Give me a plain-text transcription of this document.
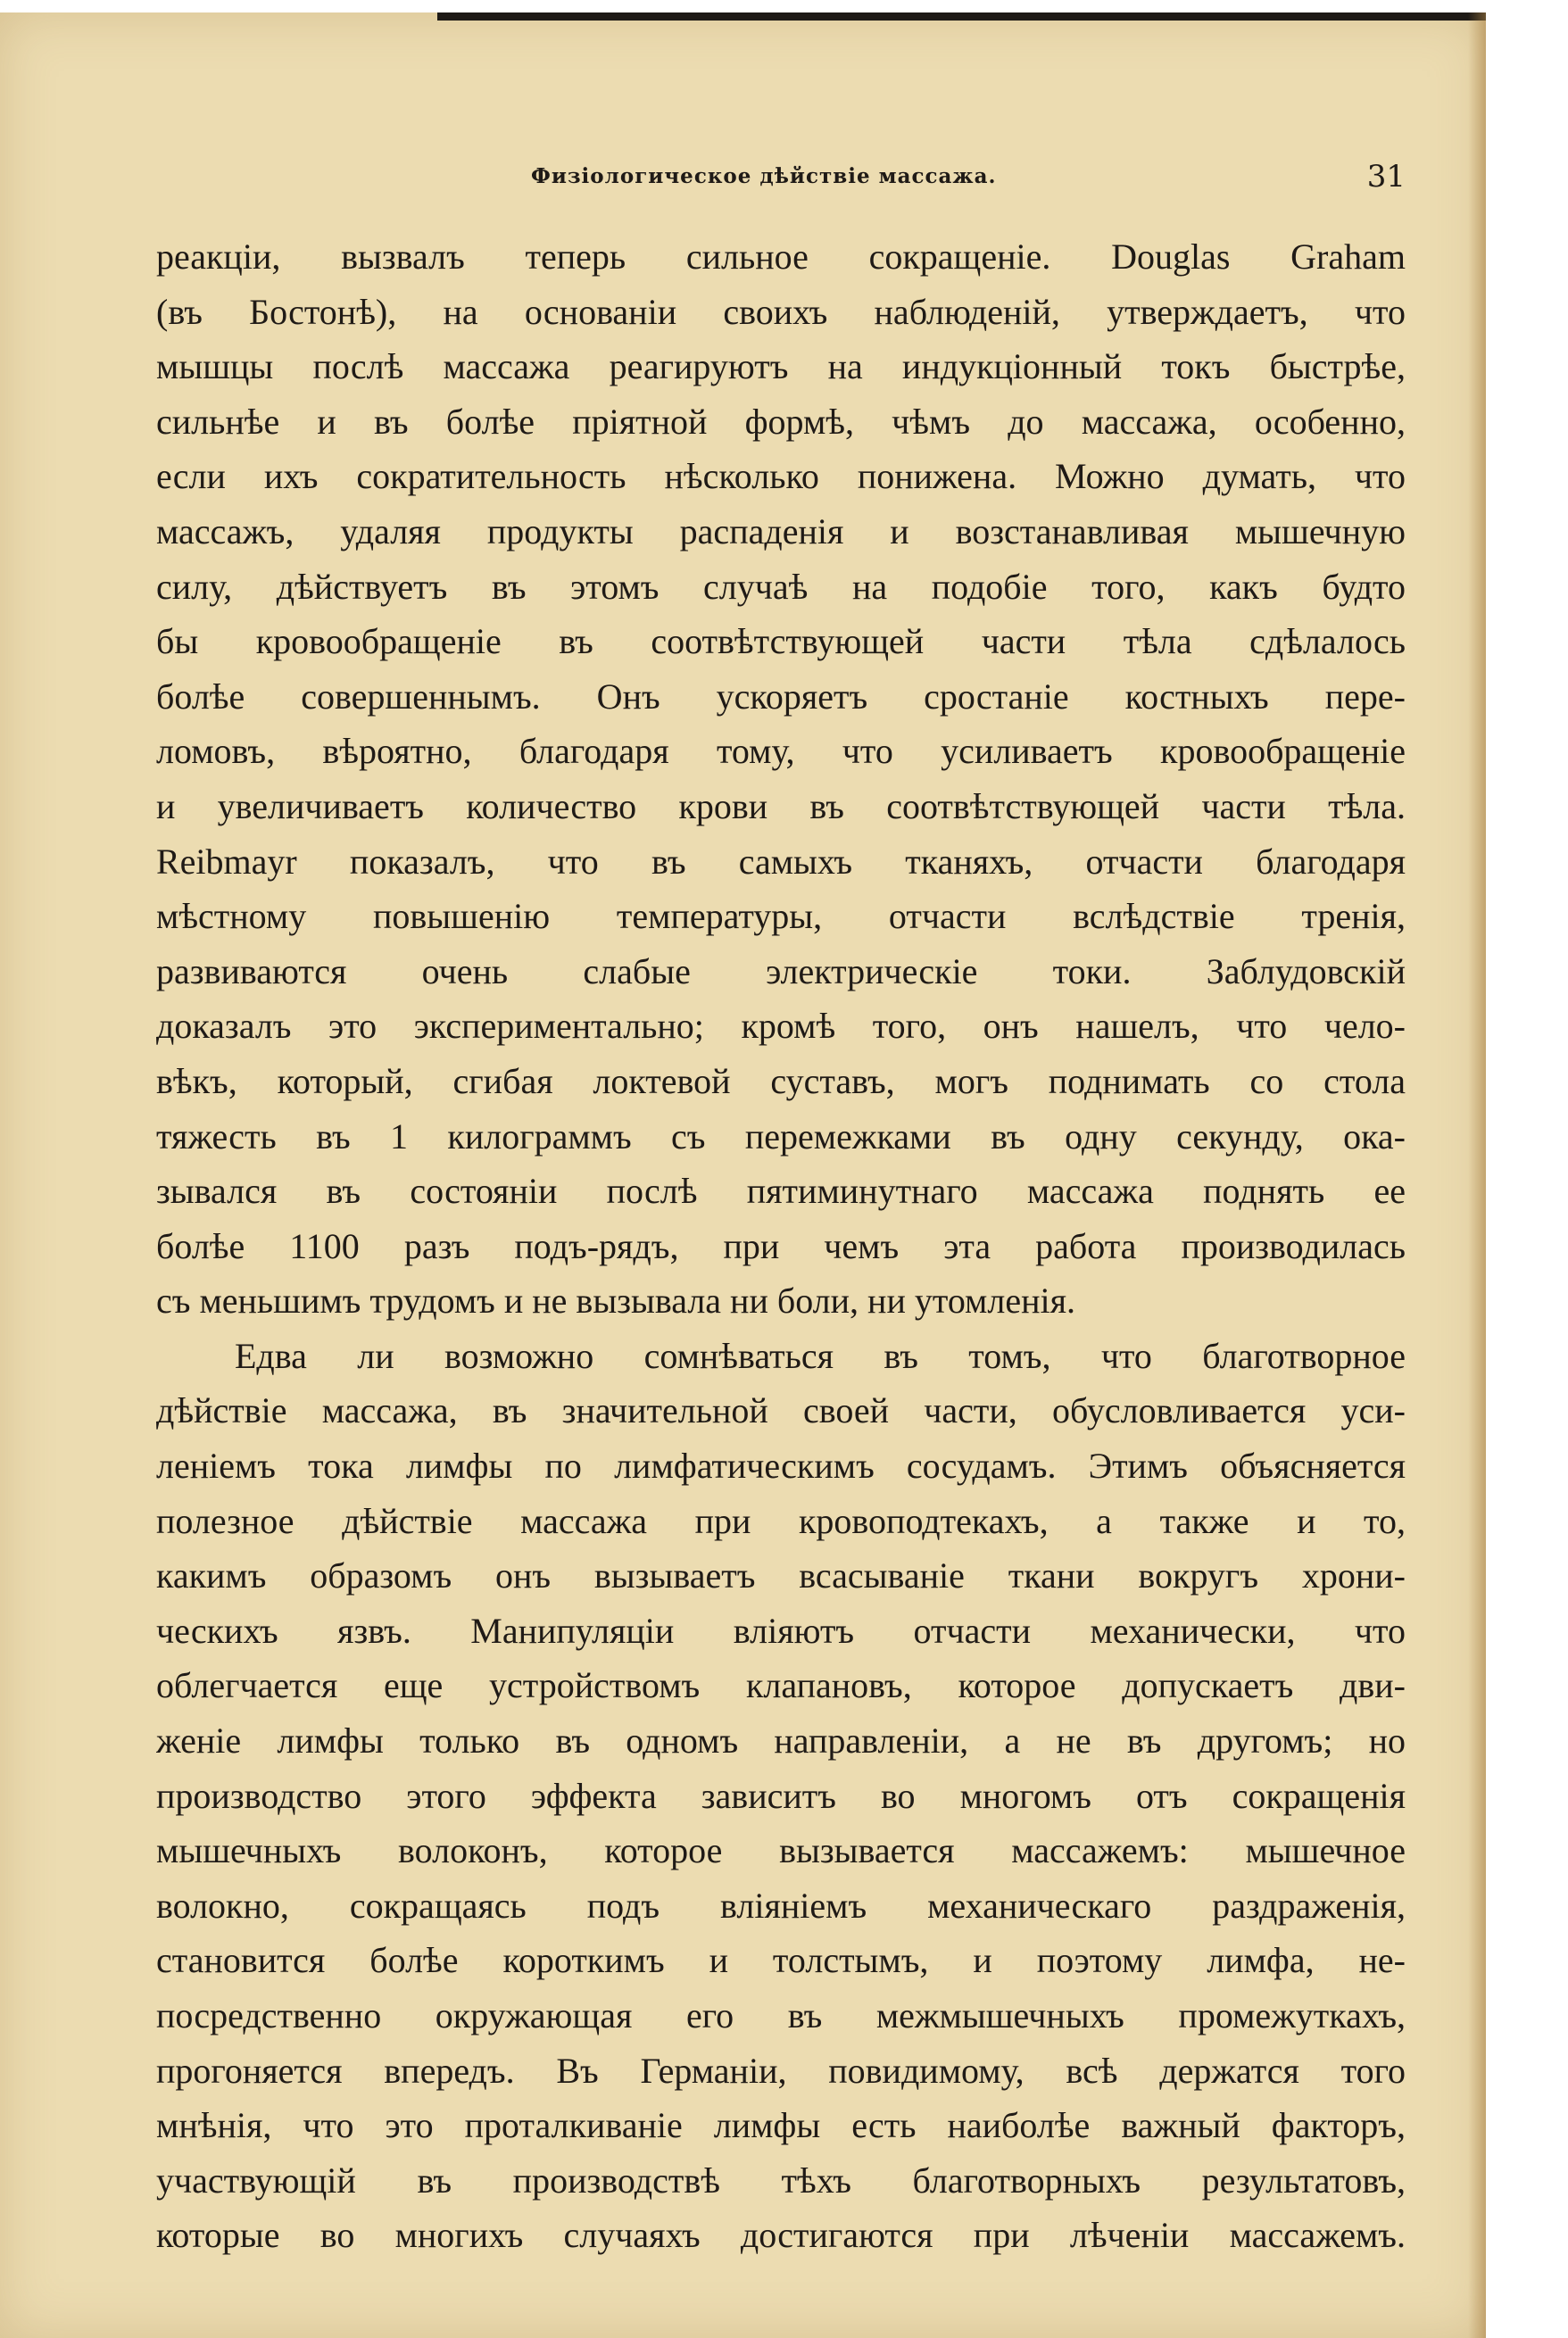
Физіологическое дѣйствіе массажа.	31
реакціи, вызвалъ теперь сильное сокращеніе. Douglas Graham
(въ Бостонѣ), на основаніи своихъ наблюденій, утверждаетъ, что
мышцы послѣ массажа реагируютъ на индукціонный токъ быстрѣе,
сильнѣе и въ болѣе пріятной формѣ, чѣмъ до массажа, особенно,
если ихъ сократительность нѣсколько понижена. Можно думать, что
массажъ, удаляя продукты распаденія и возстанавливая мышечную
силу, дѣйствуетъ въ этомъ случаѣ на подобіе того, какъ будто
бы кровообращеніе въ соотвѣтствующей части тѣла сдѣлалось
болѣе совершеннымъ. Онъ ускоряетъ сростаніе костныхъ пере-
ломовъ, вѣроятно, благодаря тому, что усиливаетъ кровообращеніе
и увеличиваетъ количество крови въ соотвѣтствующей части тѣла.
Reibmayr показалъ, что въ самыхъ тканяхъ, отчасти благодаря
мѣстному повышенію температуры, отчасти вслѣдствіе тренія,
развиваются очень слабые электрическіе токи. Заблудовскій
доказалъ это экспериментально; кромѣ того, онъ нашелъ, что чело-
вѣкъ, который, сгибая локтевой суставъ, могъ поднимать со стола
тяжесть въ 1 килограммъ съ перемежками въ одну секунду, ока-
зывался въ состояніи послѣ пятиминутнаго массажа поднять ее
болѣе 1100 разъ подъ-рядъ, при чемъ эта работа производилась
съ меньшимъ трудомъ и не вызывала ни боли, ни утомленія.
Едва ли возможно сомнѣваться въ томъ, что благотворное
дѣйствіе массажа, въ значительной своей части, обусловливается уси-
леніемъ тока лимфы по лимфатическимъ сосудамъ. Этимъ объясняется
полезное дѣйствіе массажа при кровоподтекахъ, а также и то,
какимъ образомъ онъ вызываетъ всасываніе ткани вокругъ хрони-
ческихъ язвъ. Манипуляціи вліяютъ отчасти механически, что
облегчается еще устройствомъ клапановъ, которое допускаетъ дви-
женіе лимфы только въ одномъ направленіи, а не въ другомъ; но
производство этого эффекта зависитъ во многомъ отъ сокращенія
мышечныхъ волоконъ, которое вызывается массажемъ: мышечное
волокно, сокращаясь подъ вліяніемъ механическаго раздраженія,
становится болѣе короткимъ и толстымъ, и поэтому лимфа, не-
посредственно окружающая его въ межмышечныхъ промежуткахъ,
прогоняется впередъ. Въ Германіи, повидимому, всѣ держатся того
мнѣнія, что это проталкиваніе лимфы есть наиболѣе важный факторъ,
участвующій въ производствѣ тѣхъ благотворныхъ результатовъ,
которые во многихъ случаяхъ достигаются при лѣченіи массажемъ.
